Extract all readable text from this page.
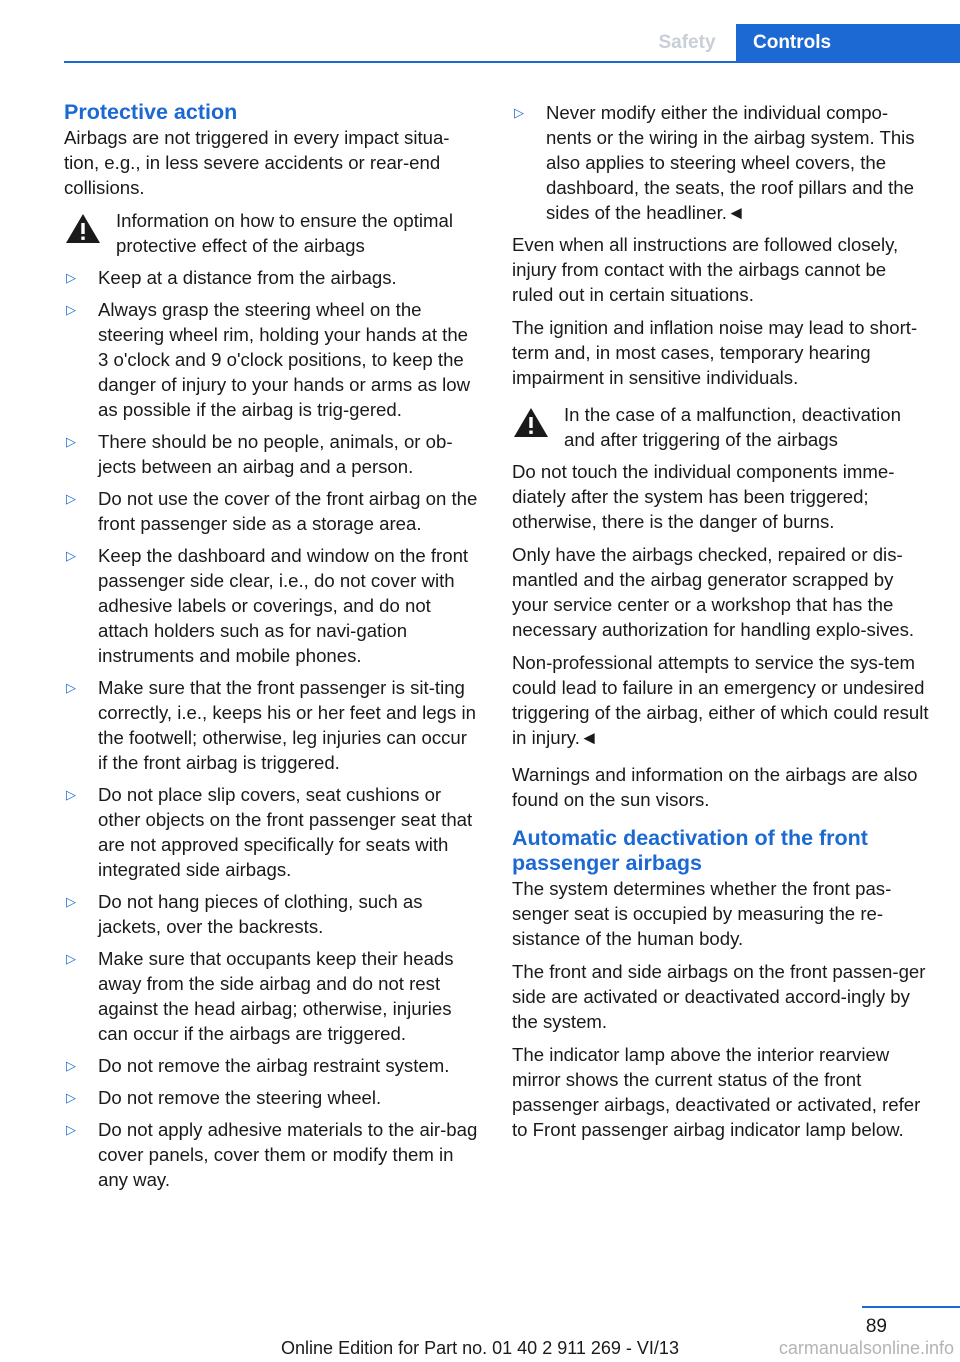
Safety	Controls
Protective action

Airbags are not triggered in every impact situa-tion, e.g., in less severe accidents or rear-end collisions.

Information on how to ensure the optimal protective effect of the airbags
▷	Keep at a distance from the airbags.
▷	Always grasp the steering wheel on the steering wheel rim, holding your hands at the 3 o'clock and 9 o'clock positions, to keep the danger of injury to your hands or arms as low as possible if the airbag is trig-gered.
▷	There should be no people, animals, or ob-jects between an airbag and a person.
▷	Do not use the cover of the front airbag on the front passenger side as a storage area.
▷	Keep the dashboard and window on the front passenger side clear, i.e., do not cover with adhesive labels or coverings, and do not attach holders such as for navi-gation instruments and mobile phones.
▷	Make sure that the front passenger is sit-ting correctly, i.e., keeps his or her feet and legs in the footwell; otherwise, leg injuries can occur if the front airbag is triggered.
▷	Do not place slip covers, seat cushions or other objects on the front passenger seat that are not approved specifically for seats with integrated side airbags.
▷	Do not hang pieces of clothing, such as jackets, over the backrests.
▷	Make sure that occupants keep their heads away from the side airbag and do not rest against the head airbag; otherwise, injuries can occur if the airbags are triggered.
▷	Do not remove the airbag restraint system.
▷	Do not remove the steering wheel.
▷	Do not apply adhesive materials to the air-bag cover panels, cover them or modify them in any way.
▷	Never modify either the individual compo-nents or the wiring in the airbag system. This also applies to steering wheel covers, the dashboard, the seats, the roof pillars and the sides of the headliner.◄

Even when all instructions are followed closely, injury from contact with the airbags cannot be ruled out in certain situations.

The ignition and inflation noise may lead to short-term and, in most cases, temporary hearing impairment in sensitive individuals.

In the case of a malfunction, deactivation and after triggering of the airbags

Do not touch the individual components imme-diately after the system has been triggered; otherwise, there is the danger of burns.

Only have the airbags checked, repaired or dis-mantled and the airbag generator scrapped by your service center or a workshop that has the necessary authorization for handling explo-sives.

Non-professional attempts to service the sys-tem could lead to failure in an emergency or undesired triggering of the airbag, either of which could result in injury.◄

Warnings and information on the airbags are also found on the sun visors.

Automatic deactivation of the front passenger airbags

The system determines whether the front pas-senger seat is occupied by measuring the re-sistance of the human body.

The front and side airbags on the front passen-ger side are activated or deactivated accord-ingly by the system.

The indicator lamp above the interior rearview mirror shows the current status of the front passenger airbags, deactivated or activated, refer to Front passenger airbag indicator lamp below.

89
Online Edition for Part no. 01 40 2 911 269 - VI/13	carmanualsonline.info
